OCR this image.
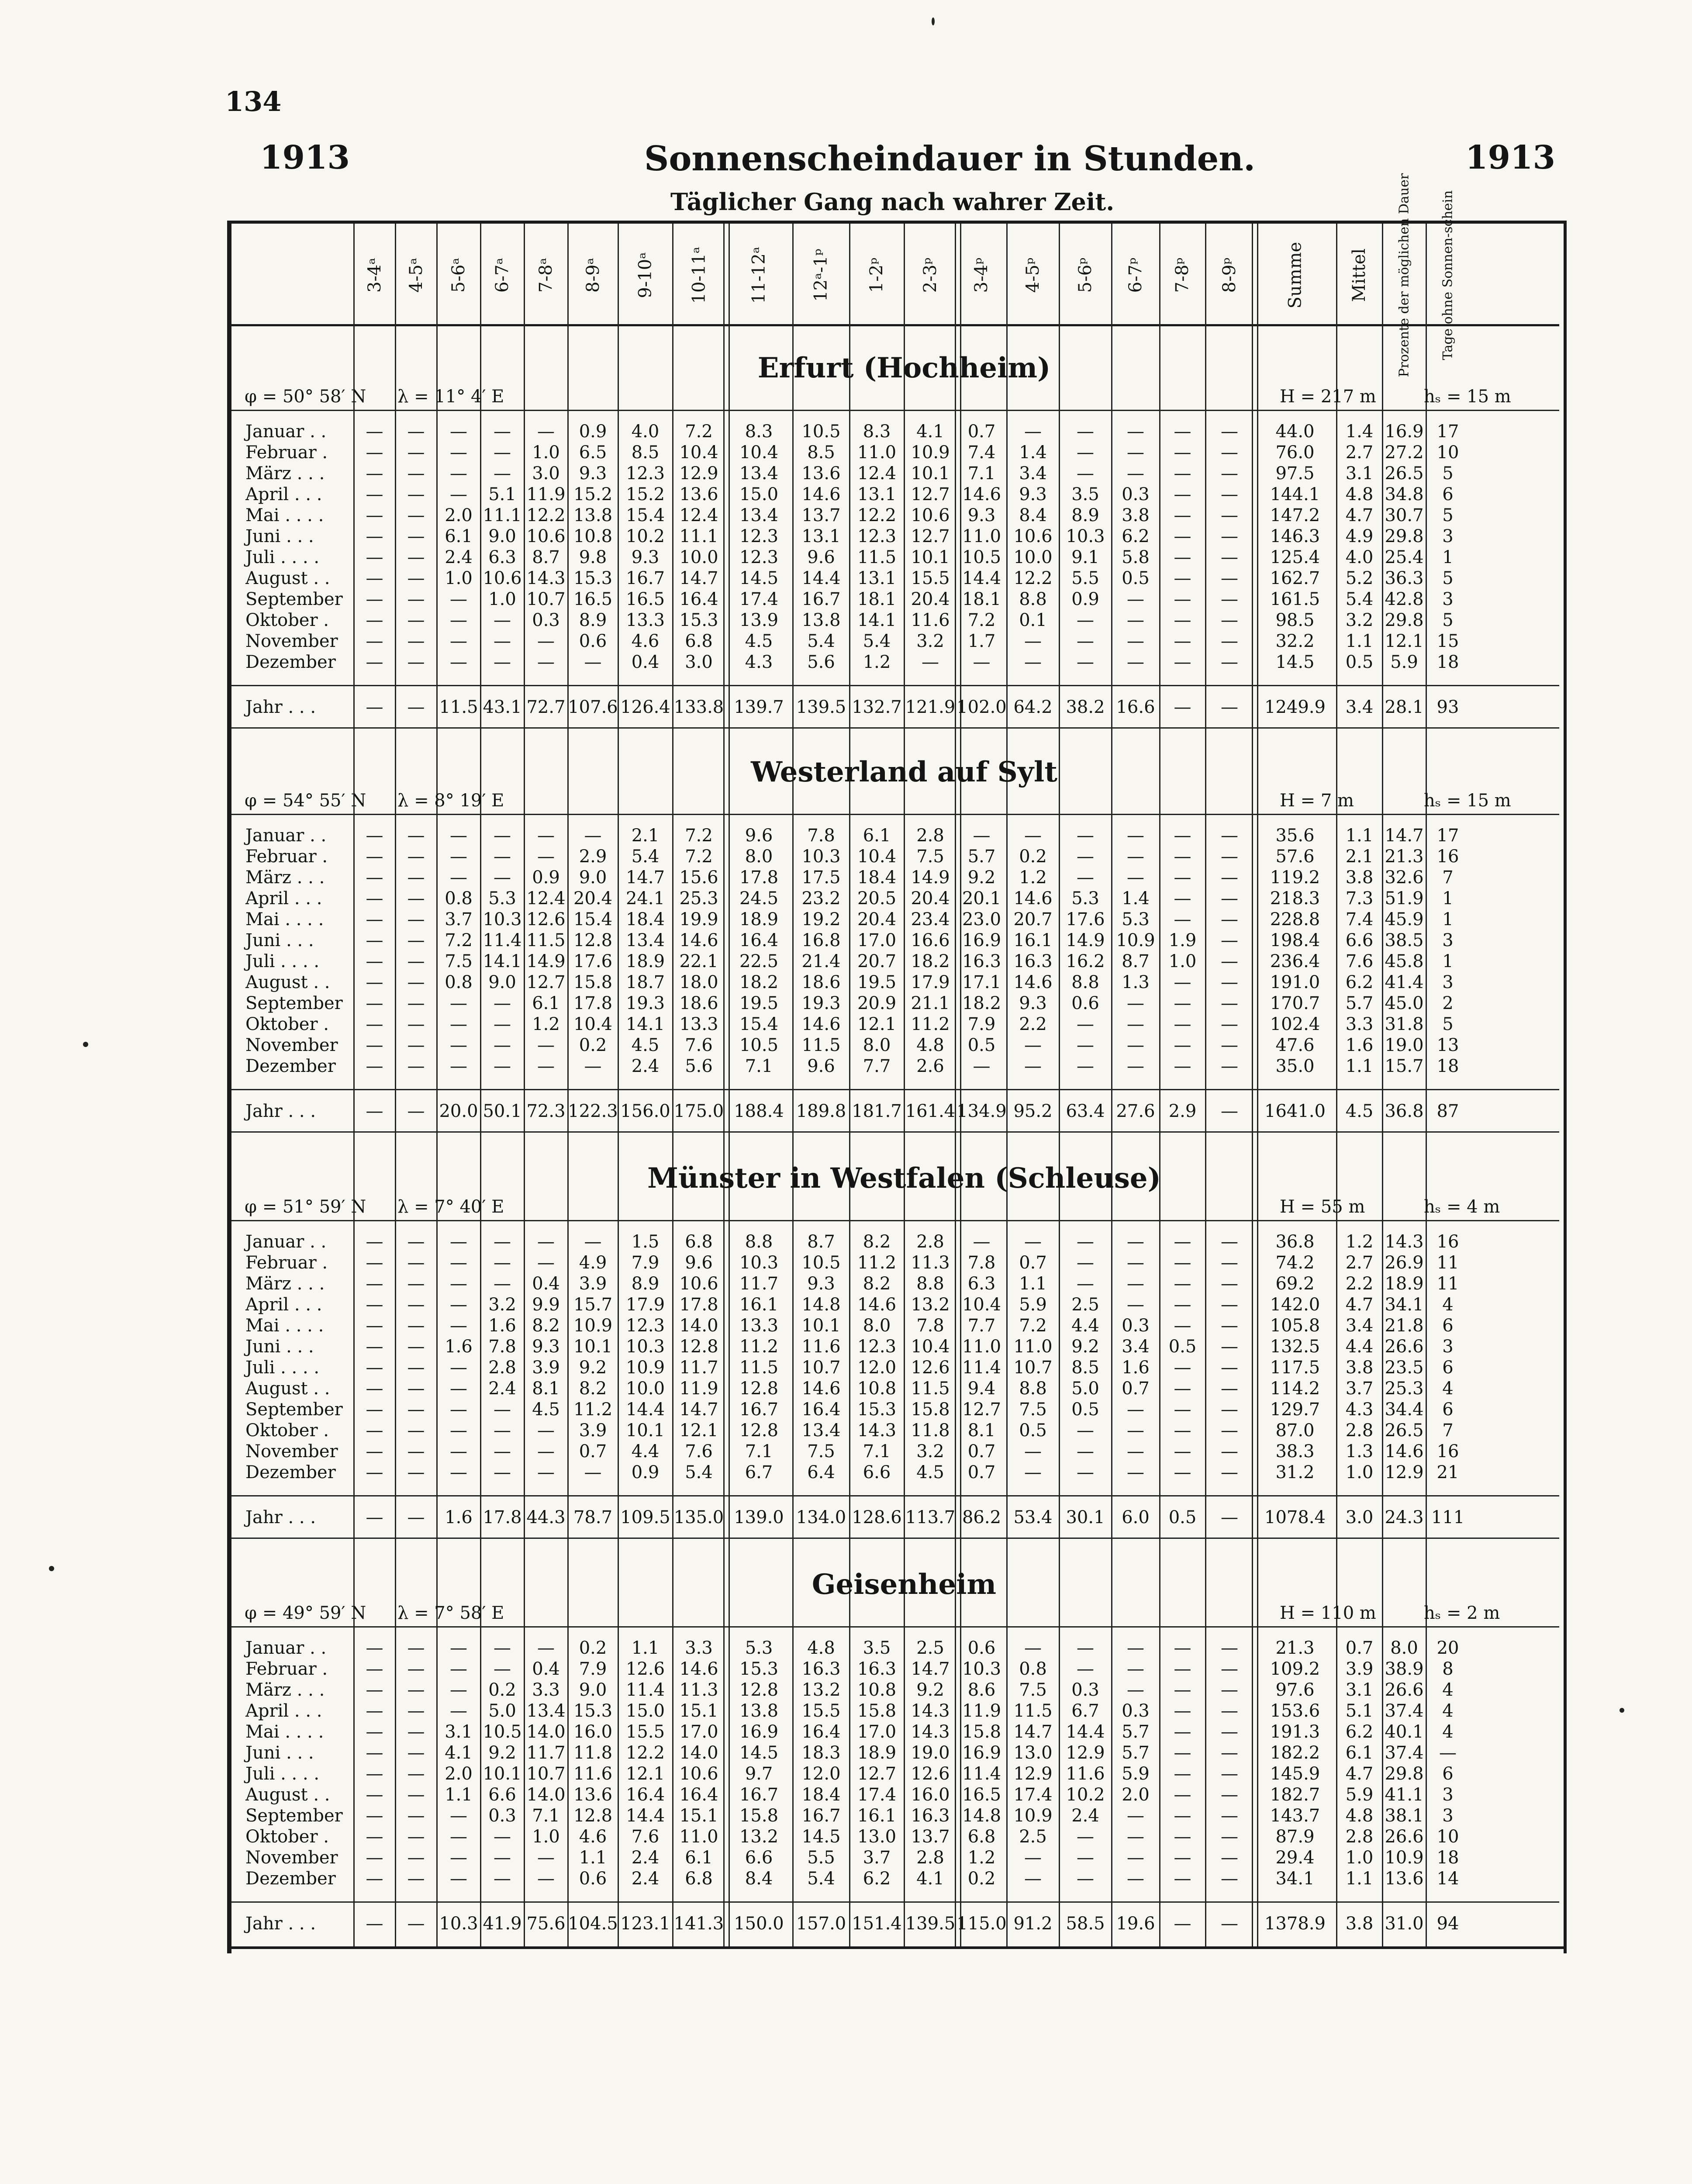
134
1913	Sonnenscheindauer in Stunden.	1913
Täglicher Gang nach wahrer Zeit.
3-4ᵃ 4-5ᵃ 5-6ᵃ 6-7ᵃ 7-8ᵃ 8-9ᵃ 9-10ᵃ 10-11ᵃ 11-12ᵃ 12ᵃ-1ᵖ 1-2ᵖ 2-3ᵖ 3-4ᵖ 4-5ᵖ 5-6ᵖ 6-7ᵖ 7-8ᵖ 8-9ᵖ	Summe	Mittel Prozente der möglichen Dauer Tage ohne Sonnen-schein
Erfurt (Hochheim)
φ = 50° 58′ N λ = 11° 4′ E	H = 217 m	hₛ = 15 m
Januar . .	—	—	—	—	—	0.9	4.0	7.2	8.3	10.5	8.3	4.1	0.7	—	—	—	—	—	44.0	1.4 16.9 17
Februar .	—	—	—	—	1.0	6.5	8.5	10.4	10.4	8.5	11.0 10.9	7.4	1.4	—	—	—	—	76.0	2.7 27.2 10
März . . .	—	—	—	—	3.0	9.3	12.3 12.9	13.4	13.6 12.4 10.1	7.1	3.4	—	—	—	—	97.5	3.1 26.5	5
April . . .	—	—	—	5.1 11.9 15.2 15.2 13.6	15.0	14.6 13.1 12.7 14.6	9.3	3.5	0.3	—	—	144.1	4.8 34.8	6
Mai . . . .	—	—	2.0 11.1 12.2 13.8 15.4 12.4	13.4	13.7 12.2 10.6	9.3	8.4	8.9	3.8	—	—	147.2	4.7 30.7	5
Juni . . .	—	—	6.1 9.0 10.6 10.8 10.2 11.1	12.3	13.1 12.3 12.7 11.0 10.6 10.3 6.2	—	—	146.3	4.9 29.8	3
Juli . . . .	—	—	2.4 6.3 8.7	9.8	9.3	10.0	12.3	9.6	11.5 10.1 10.5 10.0	9.1	5.8	—	—	125.4	4.0 25.4	1
August . .	—	—	1.0 10.6 14.3 15.3 16.7 14.7	14.5	14.4 13.1 15.5 14.4 12.2	5.5	0.5	—	—	162.7	5.2 36.3	5
September	—	—	—	1.0 10.7 16.5 16.5 16.4	17.4	16.7 18.1 20.4 18.1	8.8	0.9	—	—	—	161.5	5.4 42.8	3
Oktober .	—	—	—	—	0.3	8.9	13.3 15.3	13.9	13.8 14.1 11.6	7.2	0.1	—	—	—	—	98.5	3.2 29.8	5
November	—	—	—	—	—	0.6	4.6	6.8	4.5	5.4	5.4	3.2	1.7	—	—	—	—	—	32.2	1.1 12.1 15
Dezember	—	—	—	—	—	—	0.4	3.0	4.3	5.6	1.2	—	—	—	—	—	—	—	14.5	0.5 5.9	18
Jahr . . .	—	— 11.5 43.1 72.7 107.6 126.4 133.8 139.7 139.5 132.7 121.9 102.0 64.2 38.2 16.6	—	—	1249.9	3.4 28.1 93
Westerland auf Sylt
φ = 54° 55′ N λ = 8° 19′ E	H = 7 m	hₛ = 15 m
Januar . .	—	—	—	—	—	—	2.1	7.2	9.6	7.8	6.1	2.8	—	—	—	—	—	—	35.6	1.1 14.7 17
Februar .	—	—	—	—	—	2.9	5.4	7.2	8.0	10.3 10.4	7.5	5.7	0.2	—	—	—	—	57.6	2.1 21.3 16
März . . .	—	—	—	—	0.9	9.0	14.7 15.6	17.8	17.5 18.4 14.9	9.2	1.2	—	—	—	—	119.2	3.8 32.6	7
April . . .	—	—	0.8 5.3 12.4 20.4 24.1 25.3	24.5	23.2 20.5 20.4 20.1 14.6	5.3	1.4	—	—	218.3	7.3 51.9	1
Mai . . . .	—	—	3.7 10.3 12.6 15.4 18.4 19.9	18.9	19.2 20.4 23.4 23.0 20.7 17.6 5.3	—	—	228.8	7.4 45.9	1
Juni . . .	—	—	7.2 11.4 11.5 12.8 13.4 14.6	16.4	16.8 17.0 16.6 16.9 16.1 14.9 10.9 1.9	—	198.4	6.6 38.5	3
Juli . . . .	—	—	7.5 14.1 14.9 17.6 18.9 22.1	22.5	21.4 20.7 18.2 16.3 16.3 16.2 8.7	1.0	—	236.4	7.6 45.8	1
August . .	—	—	0.8 9.0 12.7 15.8 18.7 18.0	18.2	18.6 19.5 17.9 17.1 14.6	8.8	1.3	—	—	191.0	6.2 41.4	3
September	—	—	—	—	6.1 17.8 19.3 18.6	19.5	19.3 20.9 21.1 18.2	9.3	0.6	—	—	—	170.7	5.7 45.0	2
Oktober .	—	—	—	—	1.2 10.4 14.1 13.3	15.4	14.6 12.1 11.2	7.9	2.2	—	—	—	—	102.4	3.3 31.8	5
November	—	—	—	—	—	0.2	4.5	7.6	10.5	11.5	8.0	4.8	0.5	—	—	—	—	—	47.6	1.6 19.0 13
Dezember	—	—	—	—	—	—	2.4	5.6	7.1	9.6	7.7	2.6	—	—	—	—	—	—	35.0	1.1 15.7 18
Jahr . . .	—	— 20.0 50.1 72.3 122.3 156.0 175.0 188.4 189.8 181.7 161.4 134.9 95.2 63.4 27.6 2.9	—	1641.0	4.5 36.8 87
Münster in Westfalen (Schleuse)
φ = 51° 59′ N λ = 7° 40′ E	H = 55 m	hₛ = 4 m
Januar . .	—	—	—	—	—	—	1.5	6.8	8.8	8.7	8.2	2.8	—	—	—	—	—	—	36.8	1.2 14.3 16
Februar .	—	—	—	—	—	4.9	7.9	9.6	10.3	10.5 11.2 11.3	7.8	0.7	—	—	—	—	74.2	2.7 26.9 11
März . . .	—	—	—	—	0.4	3.9	8.9	10.6	11.7	9.3	8.2	8.8	6.3	1.1	—	—	—	—	69.2	2.2 18.9 11
April . . .	—	—	—	3.2 9.9 15.7 17.9 17.8	16.1	14.8 14.6 13.2 10.4	5.9	2.5	—	—	—	142.0	4.7 34.1	4
Mai . . . .	—	—	—	1.6 8.2 10.9 12.3 14.0	13.3	10.1	8.0	7.8	7.7	7.2	4.4	0.3	—	—	105.8	3.4 21.8	6
Juni . . .	—	—	1.6 7.8 9.3 10.1 10.3 12.8	11.2	11.6 12.3 10.4 11.0 11.0	9.2	3.4	0.5	—	132.5	4.4 26.6	3
Juli . . . .	—	—	—	2.8 3.9	9.2	10.9 11.7	11.5	10.7 12.0 12.6 11.4 10.7	8.5	1.6	—	—	117.5	3.8 23.5	6
August . .	—	—	—	2.4 8.1	8.2	10.0 11.9	12.8	14.6 10.8 11.5	9.4	8.8	5.0	0.7	—	—	114.2	3.7 25.3	4
September	—	—	—	—	4.5 11.2 14.4 14.7	16.7	16.4 15.3 15.8 12.7	7.5	0.5	—	—	—	129.7	4.3 34.4	6
Oktober .	—	—	—	—	—	3.9	10.1 12.1	12.8	13.4 14.3 11.8	8.1	0.5	—	—	—	—	87.0	2.8 26.5	7
November	—	—	—	—	—	0.7	4.4	7.6	7.1	7.5	7.1	3.2	0.7	—	—	—	—	—	38.3	1.3 14.6 16
Dezember	—	—	—	—	—	—	0.9	5.4	6.7	6.4	6.6	4.5	0.7	—	—	—	—	—	31.2	1.0 12.9 21
Jahr . . .	—	—	1.6 17.8 44.3 78.7 109.5 135.0 139.0 134.0 128.6 113.7 86.2 53.4 30.1 6.0	0.5	—	1078.4	3.0 24.3 111
Geisenheim
φ = 49° 59′ N λ = 7° 58′ E	H = 110 m	hₛ = 2 m
Januar . .	—	—	—	—	—	0.2	1.1	3.3	5.3	4.8	3.5	2.5	0.6	—	—	—	—	—	21.3	0.7 8.0	20
Februar .	—	—	—	—	0.4	7.9	12.6 14.6	15.3	16.3 16.3 14.7 10.3	0.8	—	—	—	—	109.2	3.9 38.9	8
März . . .	—	—	—	0.2 3.3	9.0	11.4 11.3	12.8	13.2 10.8	9.2	8.6	7.5	0.3	—	—	—	97.6	3.1 26.6	4
April . . .	—	—	—	5.0 13.4 15.3 15.0 15.1	13.8	15.5 15.8 14.3 11.9 11.5	6.7	0.3	—	—	153.6	5.1 37.4	4
Mai . . . .	—	—	3.1 10.5 14.0 16.0 15.5 17.0	16.9	16.4 17.0 14.3 15.8 14.7 14.4 5.7	—	—	191.3	6.2 40.1	4
Juni . . .	—	—	4.1 9.2 11.7 11.8 12.2 14.0	14.5	18.3 18.9 19.0 16.9 13.0 12.9 5.7	—	—	182.2	6.1 37.4 —
Juli . . . .	—	—	2.0 10.1 10.7 11.6 12.1 10.6	9.7	12.0 12.7 12.6 11.4 12.9 11.6 5.9	—	—	145.9	4.7 29.8	6
August . .	—	—	1.1 6.6 14.0 13.6 16.4 16.4	16.7	18.4 17.4 16.0 16.5 17.4 10.2 2.0	—	—	182.7	5.9 41.1	3
September	—	—	—	0.3 7.1 12.8 14.4 15.1	15.8	16.7 16.1 16.3 14.8 10.9	2.4	—	—	—	143.7	4.8 38.1	3
Oktober .	—	—	—	—	1.0	4.6	7.6	11.0	13.2	14.5 13.0 13.7	6.8	2.5	—	—	—	—	87.9	2.8 26.6 10
November	—	—	—	—	—	1.1	2.4	6.1	6.6	5.5	3.7	2.8	1.2	—	—	—	—	—	29.4	1.0 10.9 18
Dezember	—	—	—	—	—	0.6	2.4	6.8	8.4	5.4	6.2	4.1	0.2	—	—	—	—	—	34.1	1.1 13.6 14
Jahr . . .	—	— 10.3 41.9 75.6 104.5 123.1 141.3 150.0 157.0 151.4 139.5 115.0 91.2 58.5 19.6	—	—	1378.9	3.8 31.0 94
